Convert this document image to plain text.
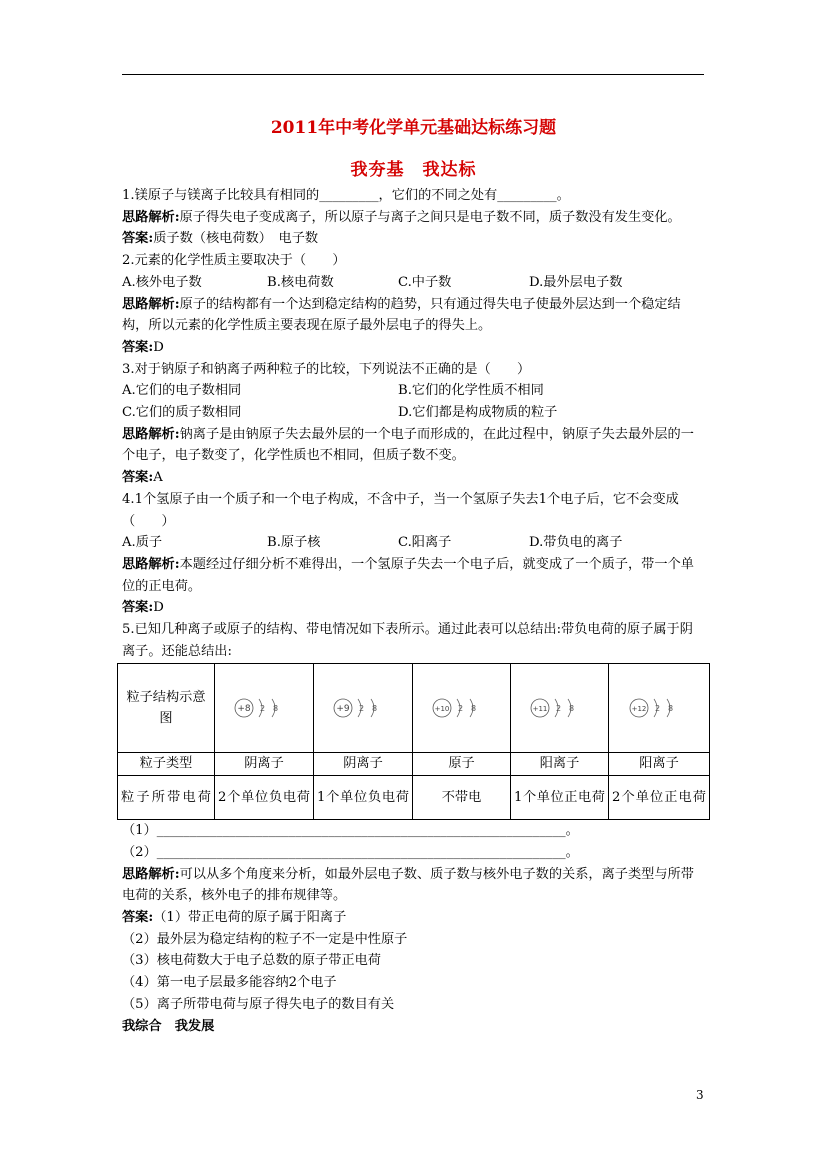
2011年中考化学单元基础达标练习题
我夯基　我达标

1.镁原子与镁离子比较具有相同的_________，它们的不同之处有_________。

思路解析:原子得失电子变成离子，所以原子与离子之间只是电子数不同，质子数没有发生变化。

答案:质子数（核电荷数）　电子数

2.元素的化学性质主要取决于（　　）

A.核外电子数	B.核电荷数	C.中子数	D.最外层电子数

思路解析:原子的结构都有一个达到稳定结构的趋势，只有通过得失电子使最外层达到一个稳定结构，所以元素的化学性质主要表现在原子最外层电子的得失上。

答案:D

3.对于钠原子和钠离子两种粒子的比较，下列说法不正确的是（　　）

A.它们的电子数相同	B.它们的化学性质不相同

C.它们的质子数相同	D.它们都是构成物质的粒子

思路解析:钠离子是由钠原子失去最外层的一个电子而形成的，在此过程中，钠原子失去最外层的一个电子，电子数变了，化学性质也不相同，但质子数不变。

答案:A

4.1个氢原子由一个质子和一个电子构成，不含中子，当一个氢原子失去1个电子后，它不会变成（　　）

A.质子	B.原子核	C.阳离子	D.带负电的离子

思路解析:本题经过仔细分析不难得出，一个氢原子失去一个电子后，就变成了一个质子，带一个单位的正电荷。

答案:D

5.已知几种离子或原子的结构、带电情况如下表所示。通过此表可以总结出:带负电荷的原子属于阴离子。还能总结出:

粒子结构示意图	+8 2 8	+9 2 8	+10 2 8	+11 2 8	+12 2 8

粒子类型	阴离子	阴离子	原子	阳离子	阳离子
粒子所带电荷	2个单位负电荷	1个单位负电荷	不带电	1个单位正电荷	2个单位正电荷

（1）______________________________________________________________。

（2）______________________________________________________________。

思路解析:可以从多个角度来分析，如最外层电子数、质子数与核外电子数的关系，离子类型与所带电荷的关系，核外电子的排布规律等。

答案:（1）带正电荷的原子属于阳离子

（2）最外层为稳定结构的粒子不一定是中性原子

（3）核电荷数大于电子总数的原子带正电荷

（4）第一电子层最多能容纳2个电子

（5）离子所带电荷与原子得失电子的数目有关

我综合　我发展

3
